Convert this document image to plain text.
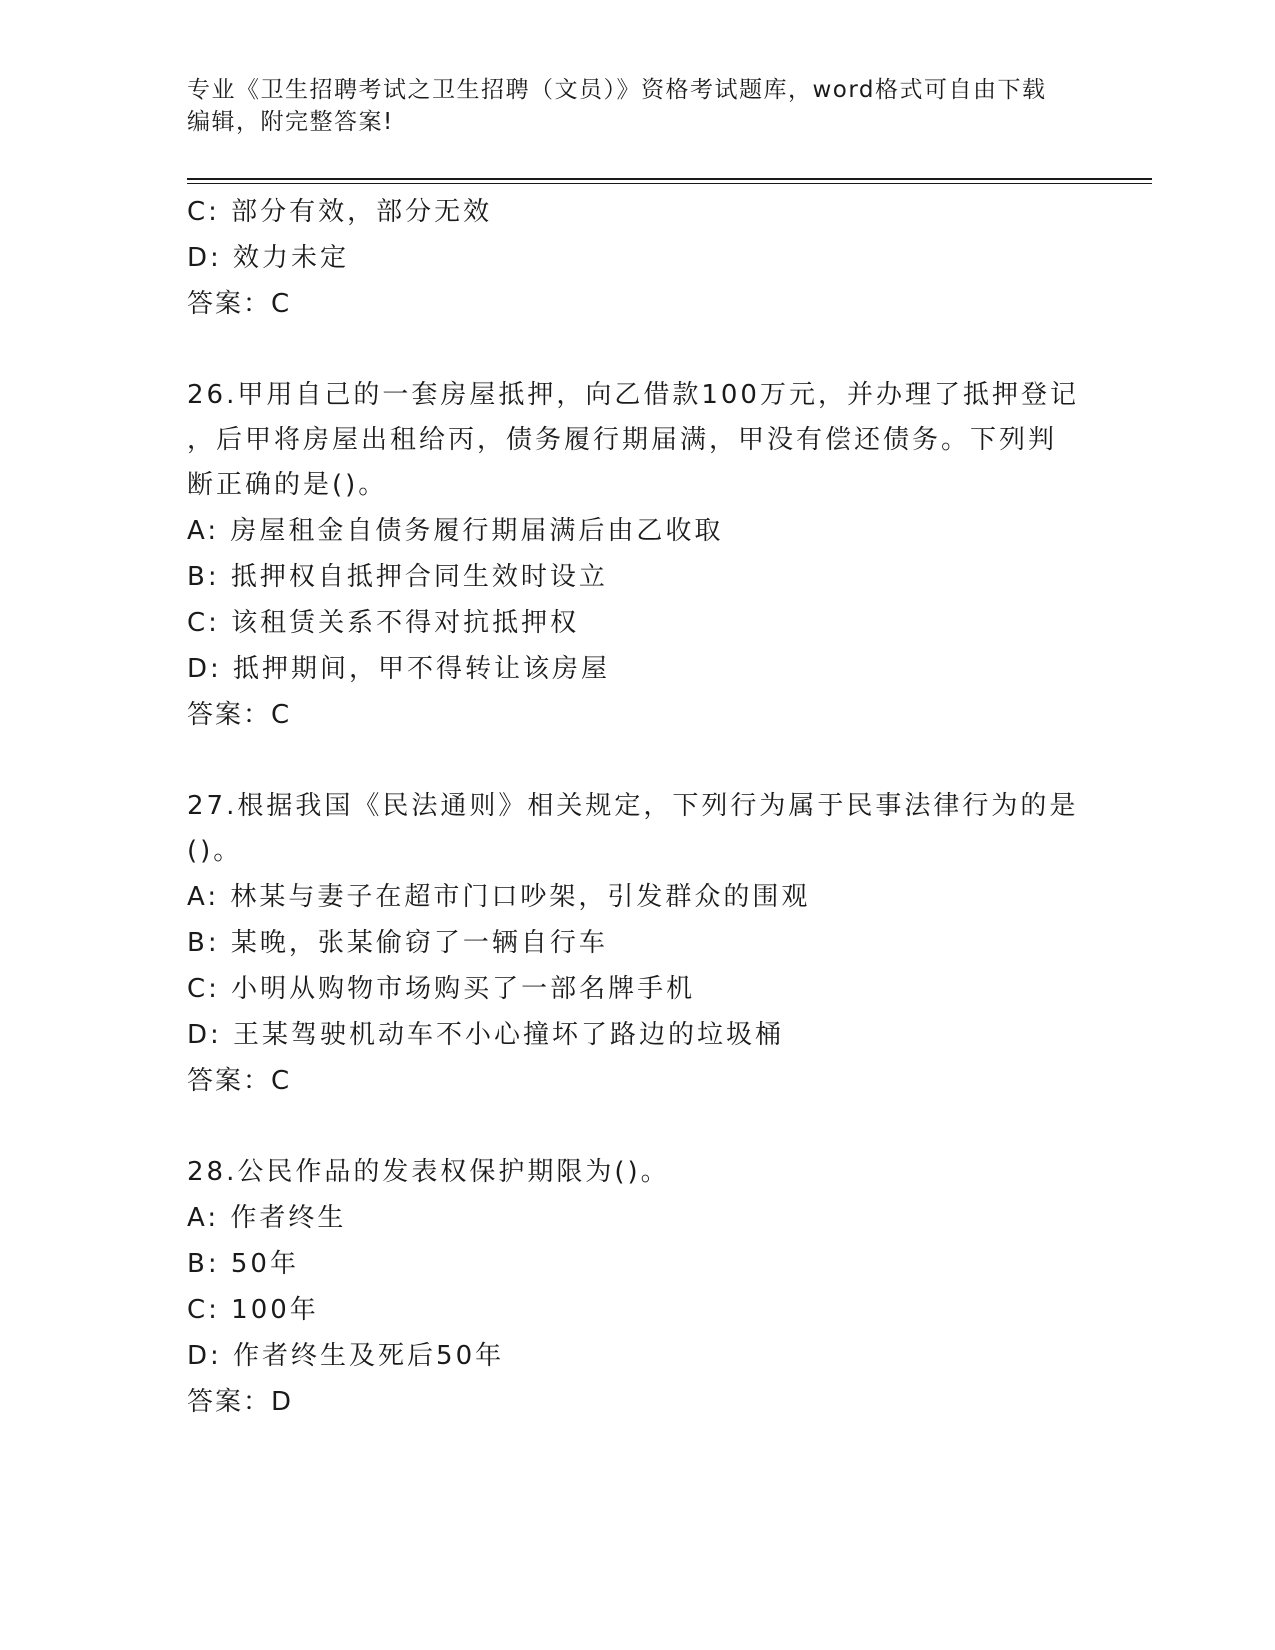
专业《卫生招聘考试之卫生招聘（文员）》资格考试题库，word格式可自由下载
编辑，附完整答案!
C: 部分有效，部分无效
D: 效力未定
答案：C
26.甲用自己的一套房屋抵押，向乙借款100万元，并办理了抵押登记
，后甲将房屋出租给丙，债务履行期届满，甲没有偿还债务。下列判
断正确的是()。
A: 房屋租金自债务履行期届满后由乙收取
B: 抵押权自抵押合同生效时设立
C: 该租赁关系不得对抗抵押权
D: 抵押期间，甲不得转让该房屋
答案：C
27.根据我国《民法通则》相关规定，下列行为属于民事法律行为的是
()。
A: 林某与妻子在超市门口吵架，引发群众的围观
B: 某晚，张某偷窃了一辆自行车
C: 小明从购物市场购买了一部名牌手机
D: 王某驾驶机动车不小心撞坏了路边的垃圾桶
答案：C
28.公民作品的发表权保护期限为()。
A: 作者终生
B: 50年
C: 100年
D: 作者终生及死后50年
答案：D
